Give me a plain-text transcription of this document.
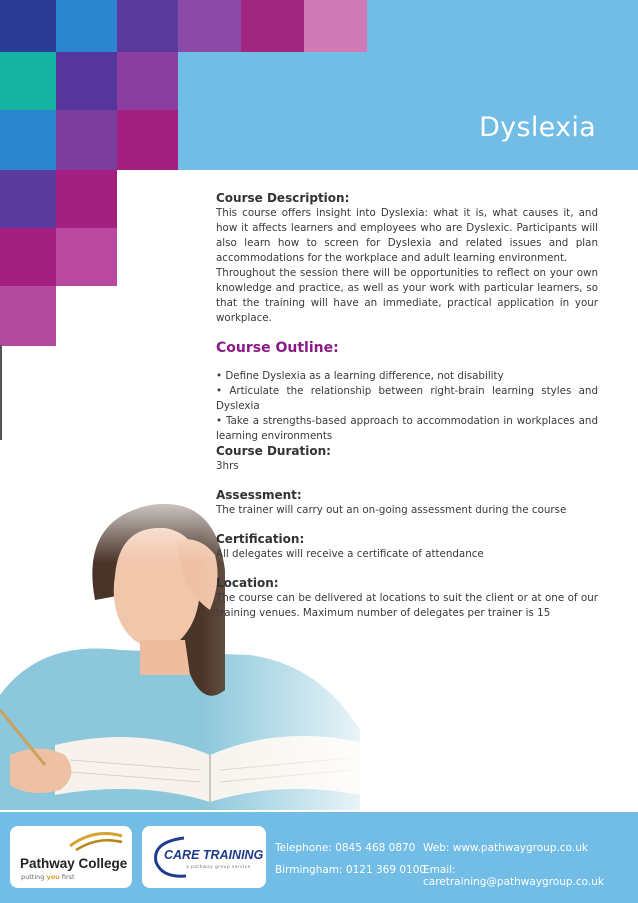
Dyslexia
Course Description:

This course offers insight into Dyslexia: what it is, what causes it, and how it affects learners and employees who are Dyslexic. Participants will also learn how to screen for Dyslexia and related issues and plan accommodations for the workplace and adult learning environment.

Throughout the session there will be opportunities to reflect on your own knowledge and practice, as well as your work with particular learners, so that the training will have an immediate, practical application in your workplace.

Course Outline:

• Define Dyslexia as a learning difference, not disability

• Articulate the relationship between right-brain learning styles and Dyslexia

• Take a strengths-based approach to accommodation in workplaces and learning environments

Course Duration:

3hrs

Assessment:

The trainer will carry out an on-going assessment during the course

Certification:

All delegates will receive a certificate of attendance

Location:

The course can be delivered at locations to suit the client or at one of our training venues. Maximum number of delegates per trainer is 15

Pathway College
putting you first
CARE TRAINING
a pathway group service
Telephone: 0845 468 0870
Birmingham: 0121 369 0100
Web: www.pathwaygroup.co.uk
Email: caretraining@pathwaygroup.co.uk
